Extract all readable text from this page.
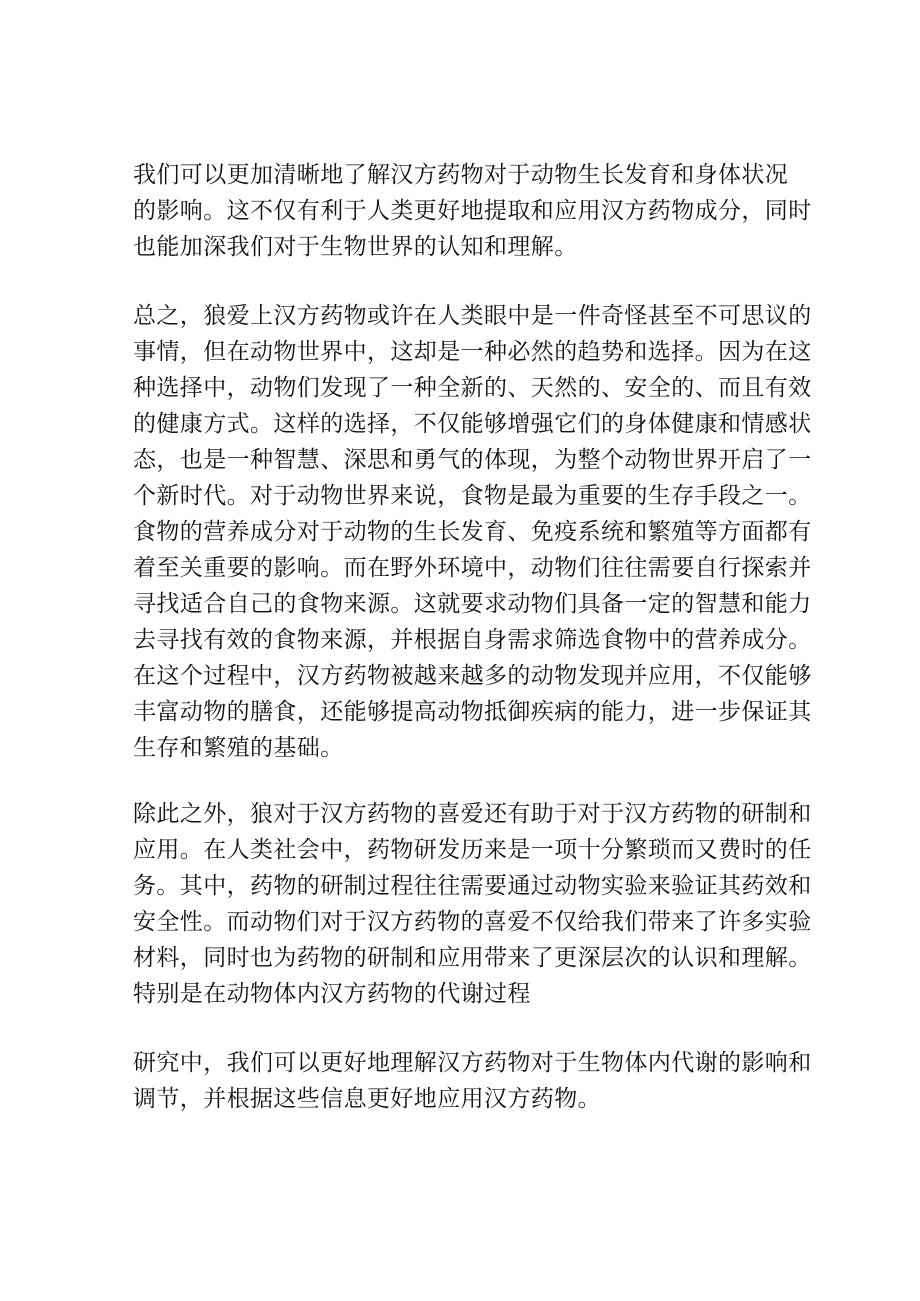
我们可以更加清晰地了解汉方药物对于动物生长发育和身体状况
的影响。这不仅有利于人类更好地提取和应用汉方药物成分，同时
也能加深我们对于生物世界的认知和理解。
总之，狼爱上汉方药物或许在人类眼中是一件奇怪甚至不可思议的
事情，但在动物世界中，这却是一种必然的趋势和选择。因为在这
种选择中，动物们发现了一种全新的、天然的、安全的、而且有效
的健康方式。这样的选择，不仅能够增强它们的身体健康和情感状
态，也是一种智慧、深思和勇气的体现，为整个动物世界开启了一
个新时代。对于动物世界来说，食物是最为重要的生存手段之一。
食物的营养成分对于动物的生长发育、免疫系统和繁殖等方面都有
着至关重要的影响。而在野外环境中，动物们往往需要自行探索并
寻找适合自己的食物来源。这就要求动物们具备一定的智慧和能力
去寻找有效的食物来源，并根据自身需求筛选食物中的营养成分。
在这个过程中，汉方药物被越来越多的动物发现并应用，不仅能够
丰富动物的膳食，还能够提高动物抵御疾病的能力，进一步保证其
生存和繁殖的基础。
除此之外，狼对于汉方药物的喜爱还有助于对于汉方药物的研制和
应用。在人类社会中，药物研发历来是一项十分繁琐而又费时的任
务。其中，药物的研制过程往往需要通过动物实验来验证其药效和
安全性。而动物们对于汉方药物的喜爱不仅给我们带来了许多实验
材料，同时也为药物的研制和应用带来了更深层次的认识和理解。
特别是在动物体内汉方药物的代谢过程
研究中，我们可以更好地理解汉方药物对于生物体内代谢的影响和
调节，并根据这些信息更好地应用汉方药物。
